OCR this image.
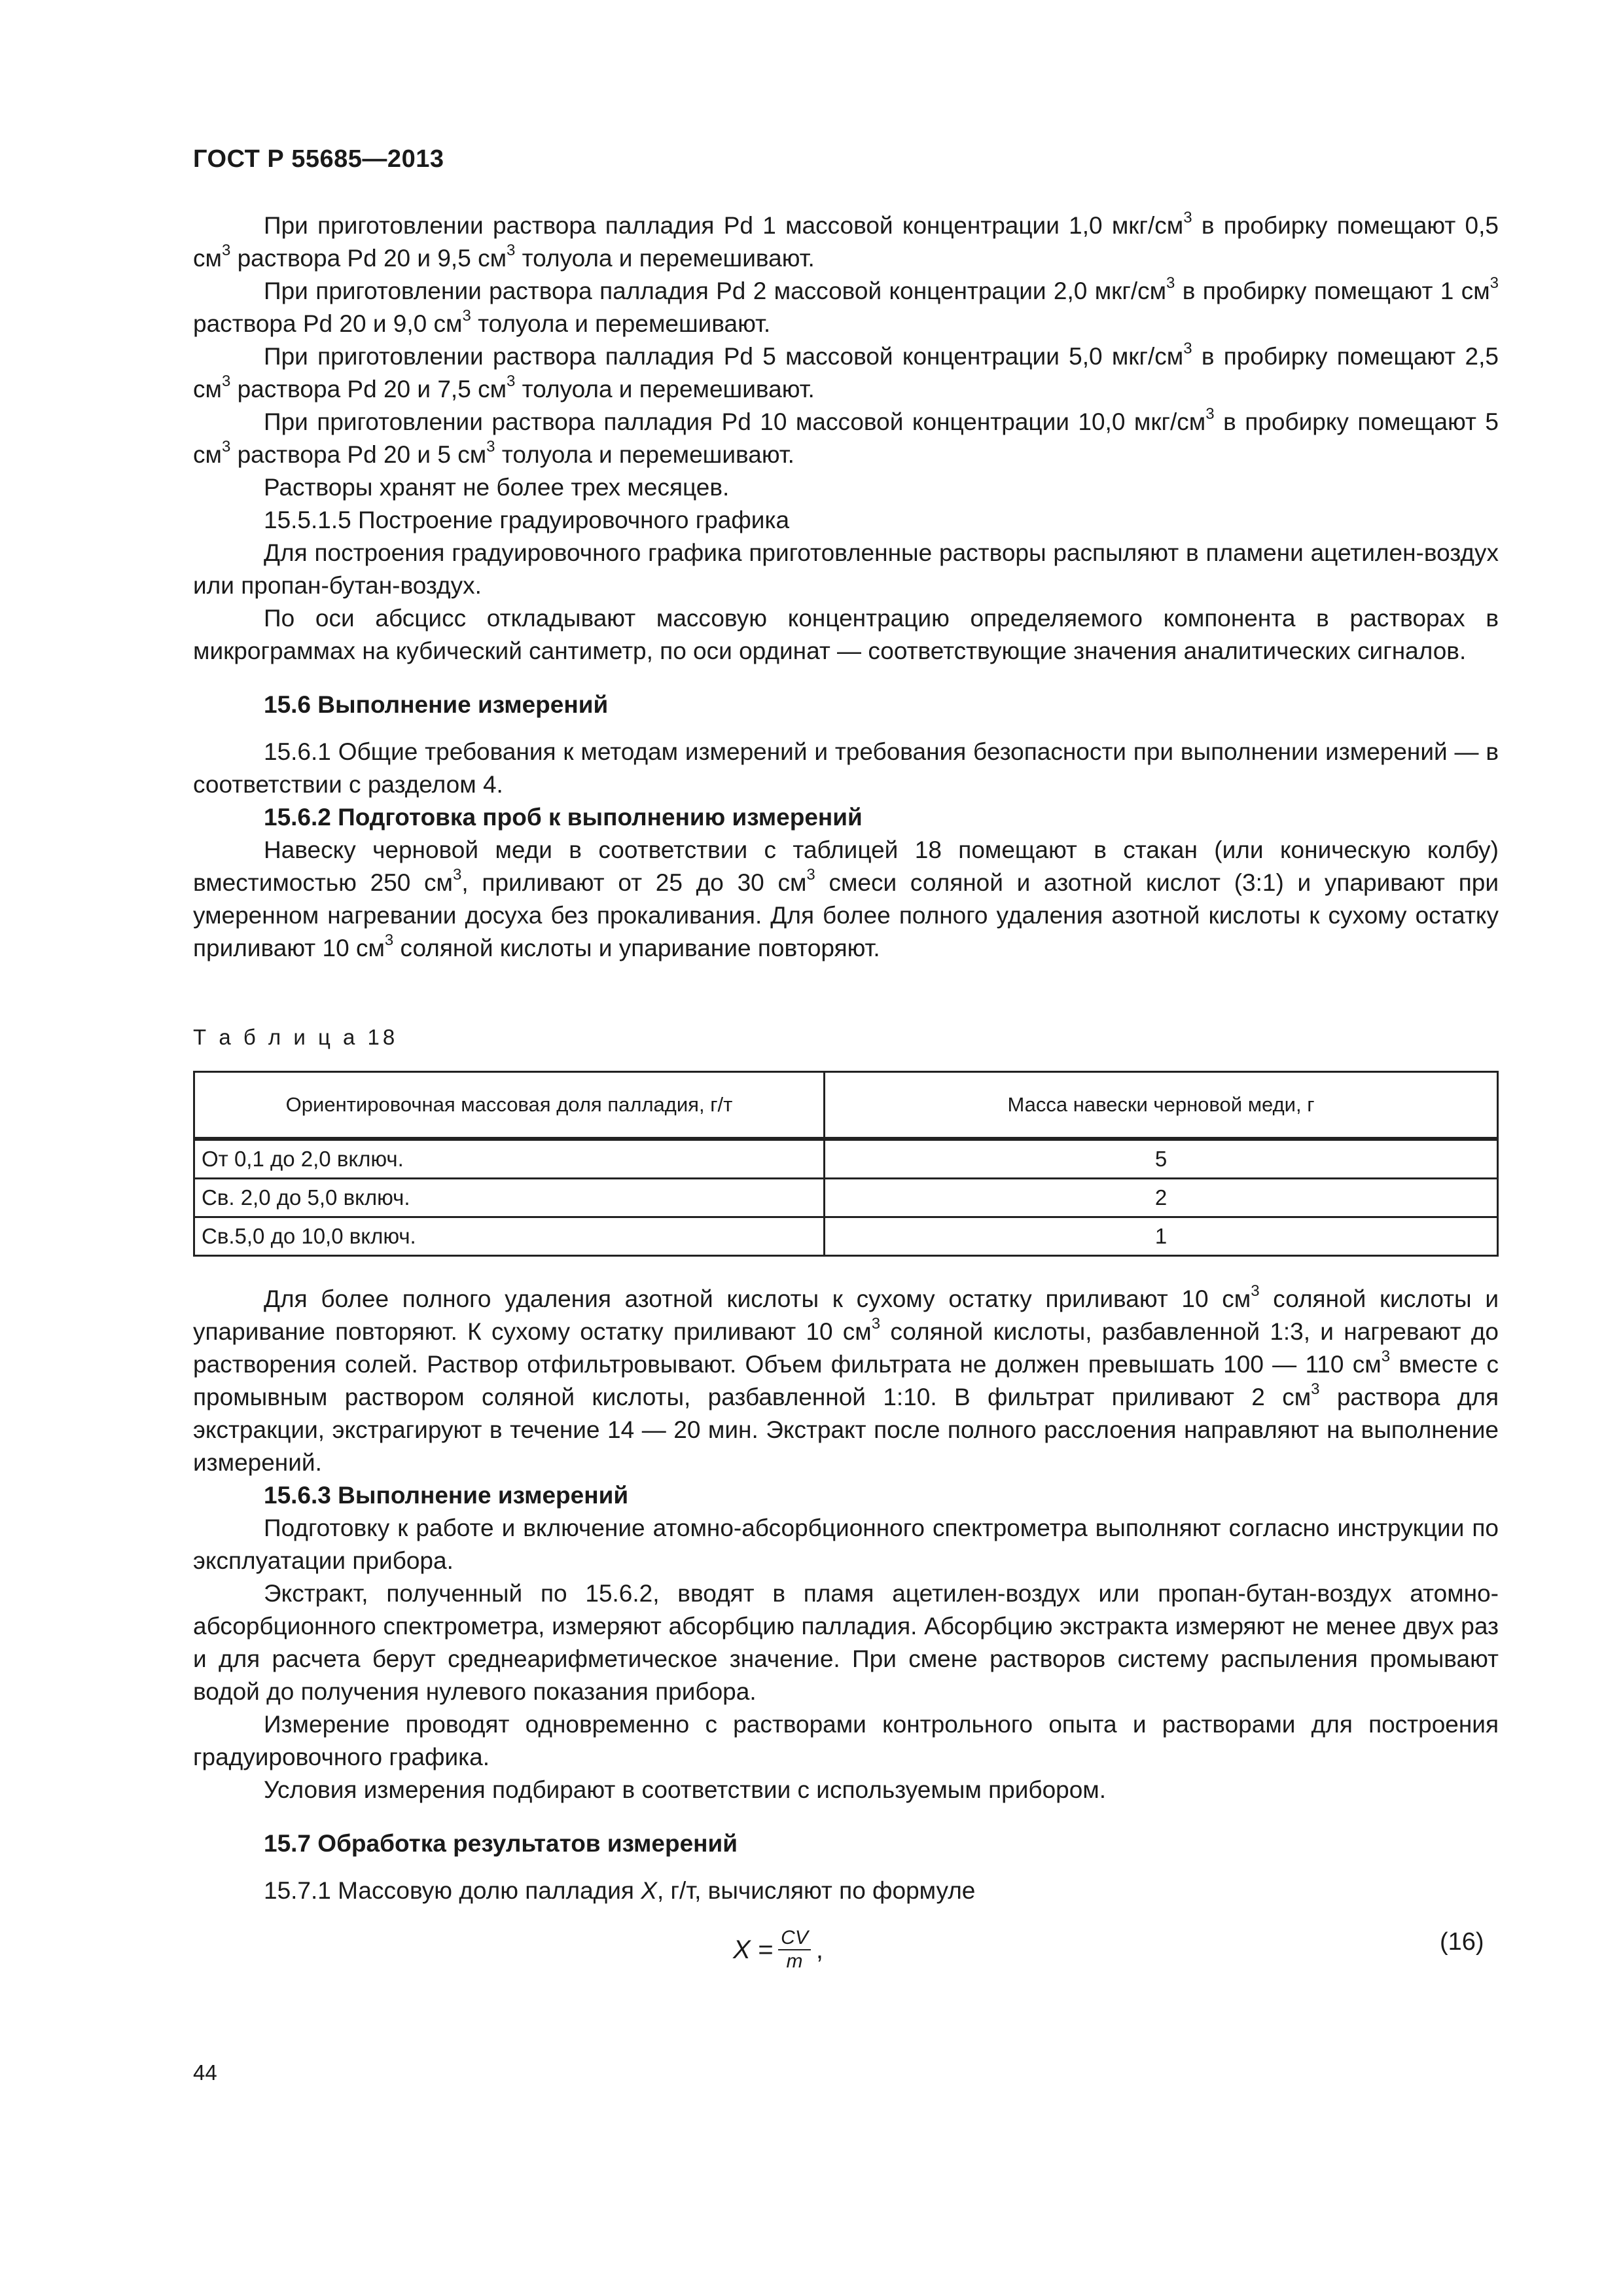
ГОСТ Р 55685—2013

При приготовлении раствора палладия Pd 1 массовой концентрации 1,0 мкг/$см^3$ в пробирку помещают 0,5 $см^3$ раствора Pd 20 и 9,5 $см^3$ толуола и перемешивают.

При приготовлении раствора палладия Pd 2 массовой концентрации 2,0 мкг/$см^3$ в пробирку помещают 1 $см^3$ раствора Pd 20 и 9,0 $см^3$ толуола и перемешивают.

При приготовлении раствора палладия Pd 5 массовой концентрации 5,0 мкг/$см^3$ в пробирку помещают 2,5 $см^3$ раствора Pd 20 и 7,5 $см^3$ толуола и перемешивают.

При приготовлении раствора палладия Pd 10 массовой концентрации 10,0 мкг/$см^3$ в пробирку помещают 5 $см^3$ раствора Pd 20 и 5 $см^3$ толуола и перемешивают.

Растворы хранят не более трех месяцев.

15.5.1.5 Построение градуировочного графика

Для построения градуировочного графика приготовленные растворы распыляют в пламени ацетилен-воздух или пропан-бутан-воздух.

По оси абсцисс откладывают массовую концентрацию определяемого компонента в растворах в микрограммах на кубический сантиметр, по оси ординат — соответствующие значения аналитических сигналов.

15.6 Выполнение измерений

15.6.1 Общие требования к методам измерений и требования безопасности при выполнении измерений — в соответствии с разделом 4.

15.6.2 Подготовка проб к выполнению измерений

Навеску черновой меди в соответствии с таблицей 18 помещают в стакан (или коническую колбу) вместимостью 250 $см^3$, приливают от 25 до 30 $см^3$ смеси соляной и азотной кислот (3:1) и упаривают при умеренном нагревании досуха без прокаливания. Для более полного удаления азотной кислоты к сухому остатку приливают 10 $см^3$ соляной кислоты и упаривание повторяют.

Т а б л и ц а 18
Ориентировочная массовая доля палладия, г/т	Масса навески черновой меди, г
От 0,1 до 2,0 включ.	5
Св. 2,0 до 5,0 включ.	2
Св.5,0 до 10,0 включ.	1

Для более полного удаления азотной кислоты к сухому остатку приливают 10 $см^3$ соляной кислоты и упаривание повторяют. К сухому остатку приливают 10 $см^3$ соляной кислоты, разбавленной 1:3, и нагревают до растворения солей. Раствор отфильтровывают. Объем фильтрата не должен превышать 100 — 110 $см^3$ вместе с промывным раствором соляной кислоты, разбавленной 1:10. В фильтрат приливают 2 $см^3$ раствора для экстракции, экстрагируют в течение 14 — 20 мин. Экстракт после полного расслоения направляют на выполнение измерений.

15.6.3 Выполнение измерений

Подготовку к работе и включение атомно-абсорбционного спектрометра выполняют согласно инструкции по эксплуатации прибора.

Экстракт, полученный по 15.6.2, вводят в пламя ацетилен-воздух или пропан-бутан-воздух атомно-абсорбционного спектрометра, измеряют абсорбцию палладия. Абсорбцию экстракта измеряют не менее двух раз и для расчета берут среднеарифметическое значение. При смене растворов систему распыления промывают водой до получения нулевого показания прибора.

Измерение проводят одновременно с растворами контрольного опыта и растворами для построения градуировочного графика.

Условия измерения подбирают в соответствии с используемым прибором.

15.7 Обработка результатов измерений

15.7.1 Массовую долю палладия X, г/т, вычисляют по формуле

$X = \frac{CV}{m}$ ,	(16)
44
